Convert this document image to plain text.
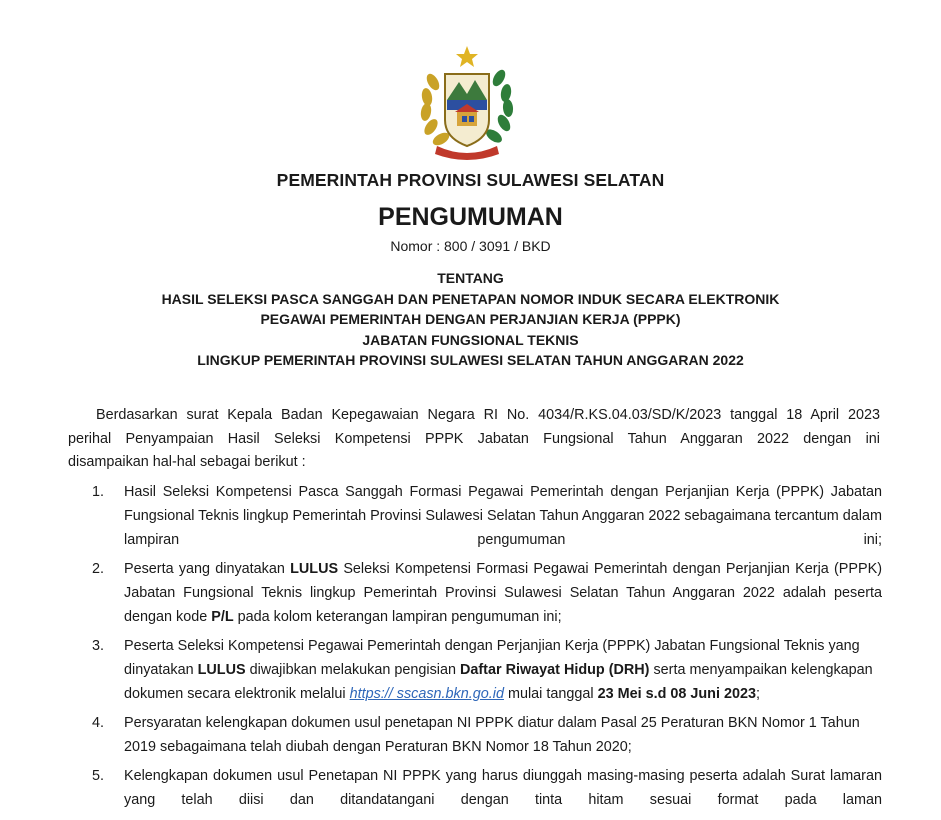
PEMERINTAH PROVINSI SULAWESI SELATAN
PENGUMUMAN
Nomor : 800 / 3091 / BKD
TENTANG
HASIL SELEKSI PASCA SANGGAH DAN PENETAPAN NOMOR INDUK SECARA ELEKTRONIK
PEGAWAI PEMERINTAH DENGAN PERJANJIAN KERJA (PPPK)
JABATAN FUNGSIONAL TEKNIS
LINGKUP PEMERINTAH PROVINSI SULAWESI SELATAN TAHUN ANGGARAN 2022
Berdasarkan surat Kepala Badan Kepegawaian Negara RI No. 4034/R.KS.04.03/SD/K/2023 tanggal 18 April 2023
perihal Penyampaian Hasil Seleksi Kompetensi PPPK Jabatan Fungsional Tahun Anggaran 2022 dengan ini
disampaikan hal-hal sebagai berikut :
1. Hasil Seleksi Kompetensi Pasca Sanggah Formasi Pegawai Pemerintah dengan Perjanjian Kerja (PPPK) Jabatan Fungsional Teknis lingkup Pemerintah Provinsi Sulawesi Selatan Tahun Anggaran 2022 sebagaimana tercantum dalam lampiran pengumuman ini;
2. Peserta yang dinyatakan LULUS Seleksi Kompetensi Formasi Pegawai Pemerintah dengan Perjanjian Kerja (PPPK) Jabatan Fungsional Teknis lingkup Pemerintah Provinsi Sulawesi Selatan Tahun Anggaran 2022 adalah peserta dengan kode P/L pada kolom keterangan lampiran pengumuman ini;
3. Peserta Seleksi Kompetensi Pegawai Pemerintah dengan Perjanjian Kerja (PPPK) Jabatan Fungsional Teknis yang dinyatakan LULUS diwajibkan melakukan pengisian Daftar Riwayat Hidup (DRH) serta menyampaikan kelengkapan dokumen secara elektronik melalui https:// sscasn.bkn.go.id mulai tanggal 23 Mei s.d 08 Juni 2023;
4. Persyaratan kelengkapan dokumen usul penetapan NI PPPK diatur dalam Pasal 25 Peraturan BKN Nomor 1 Tahun 2019 sebagaimana telah diubah dengan Peraturan BKN Nomor 18 Tahun 2020;
5. Kelengkapan dokumen usul Penetapan NI PPPK yang harus diunggah masing-masing peserta adalah Surat lamaran yang telah diisi dan ditandatangani dengan tinta hitam sesuai format pada laman
